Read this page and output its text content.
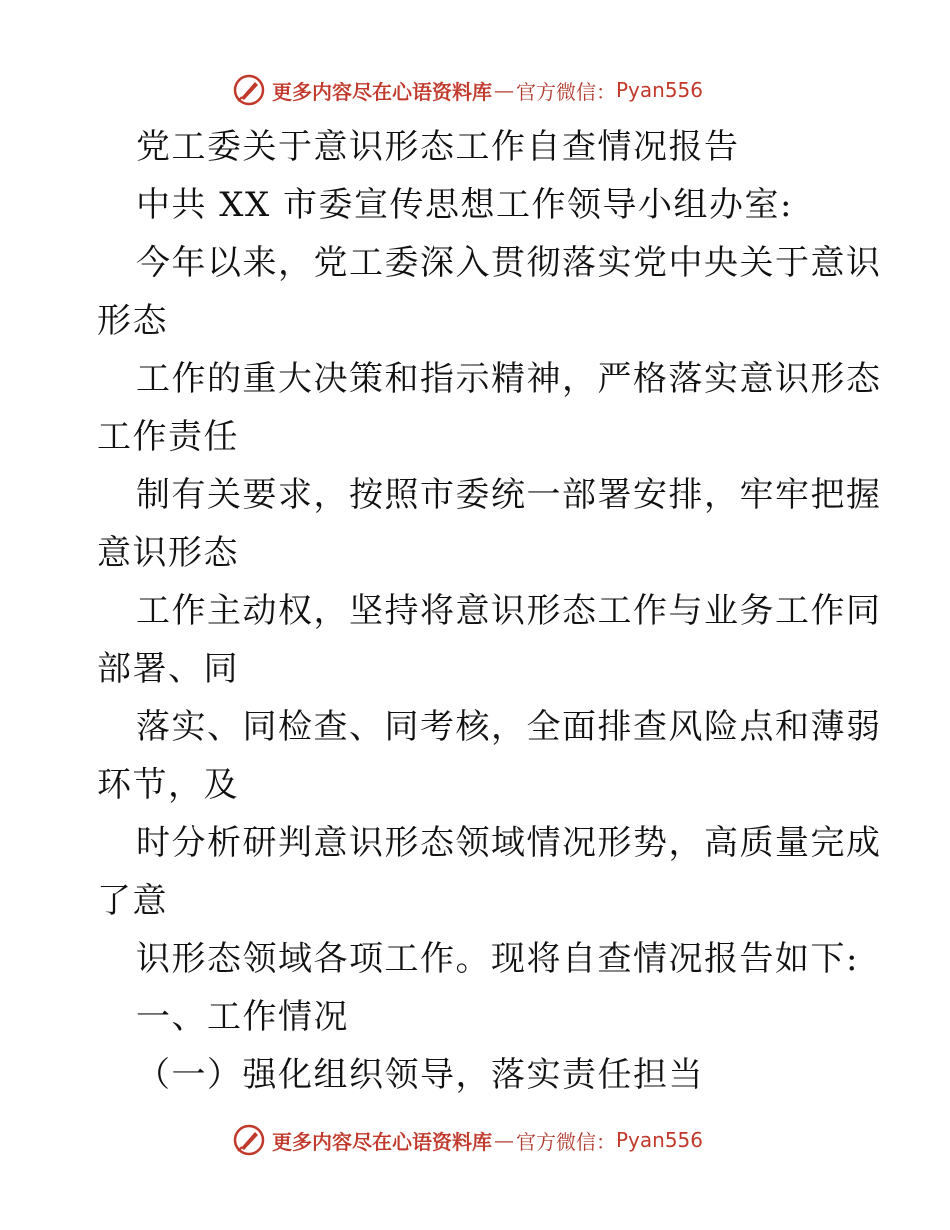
更多内容尽在心语资料库 — 官方微信： Pyan556
党工委关于意识形态工作自查情况报告
中共 XX 市委宣传思想工作领导小组办室:
今年以来，党工委深入贯彻落实党中央关于意识
形态
工作的重大决策和指示精神，严格落实意识形态
工作责任
制有关要求，按照市委统一部署安排，牢牢把握
意识形态
工作主动权，坚持将意识形态工作与业务工作同
部署、同
落实、同检查、同考核，全面排查风险点和薄弱
环节，及
时分析研判意识形态领域情况形势，高质量完成
了意
识形态领域各项工作。现将自查情况报告如下:
一、工作情况
（一）强化组织领导，落实责任担当
更多内容尽在心语资料库 — 官方微信： Pyan556
